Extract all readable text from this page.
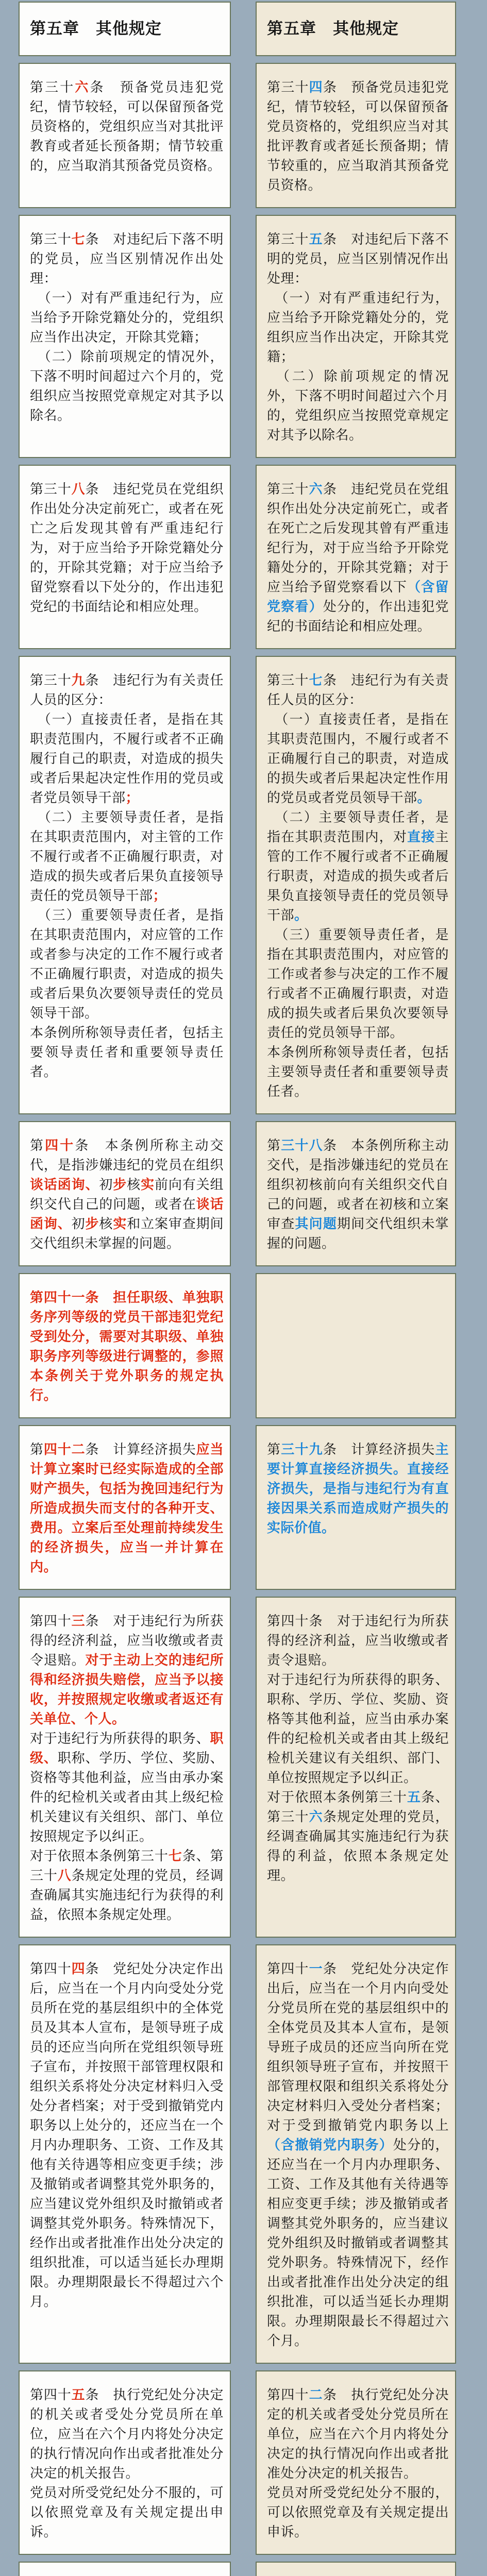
第五章　其他规定	第五章　其他规定

第三十六条　预备党员违犯党纪，情节较轻，可以保留预备党员资格的，党组织应当对其批评教育或者延长预备期；情节较重的，应当取消其预备党员资格。

第三十四条　预备党员违犯党纪，情节较轻，可以保留预备党员资格的，党组织应当对其批评教育或者延长预备期；情节较重的，应当取消其预备党员资格。

第三十七条　对违纪后下落不明的党员，应当区别情况作出处理：

 （一）对有严重违纪行为，应当给予开除党籍处分的，党组织应当作出决定，开除其党籍；

 （二）除前项规定的情况外，下落不明时间超过六个月的，党组织应当按照党章规定对其予以除名。

第三十五条　对违纪后下落不明的党员，应当区别情况作出处理：

 （一）对有严重违纪行为，应当给予开除党籍处分的，党组织应当作出决定，开除其党籍；

 （二）除前项规定的情况外，下落不明时间超过六个月的，党组织应当按照党章规定对其予以除名。

第三十八条　违纪党员在党组织作出处分决定前死亡，或者在死亡之后发现其曾有严重违纪行为，对于应当给予开除党籍处分的，开除其党籍；对于应当给予留党察看以下处分的，作出违犯党纪的书面结论和相应处理。

第三十六条　违纪党员在党组织作出处分决定前死亡，或者在死亡之后发现其曾有严重违纪行为，对于应当给予开除党籍处分的，开除其党籍；对于应当给予留党察看以下（含留党察看）处分的，作出违犯党纪的书面结论和相应处理。

第三十九条　违纪行为有关责任人员的区分：

 （一）直接责任者，是指在其职责范围内，不履行或者不正确履行自己的职责，对造成的损失或者后果起决定性作用的党员或者党员领导干部；

 （二）主要领导责任者，是指在其职责范围内，对主管的工作不履行或者不正确履行职责，对造成的损失或者后果负直接领导责任的党员领导干部；

 （三）重要领导责任者，是指在其职责范围内，对应管的工作或者参与决定的工作不履行或者不正确履行职责，对造成的损失或者后果负次要领导责任的党员领导干部。

本条例所称领导责任者，包括主要领导责任者和重要领导责任者。

第三十七条　违纪行为有关责任人员的区分：

 （一）直接责任者，是指在其职责范围内，不履行或者不正确履行自己的职责，对造成的损失或者后果起决定性作用的党员或者党员领导干部。

 （二）主要领导责任者，是指在其职责范围内，对直接主管的工作不履行或者不正确履行职责，对造成的损失或者后果负直接领导责任的党员领导干部。

 （三）重要领导责任者，是指在其职责范围内，对应管的工作或者参与决定的工作不履行或者不正确履行职责，对造成的损失或者后果负次要领导责任的党员领导干部。

本条例所称领导责任者，包括主要领导责任者和重要领导责任者。

第四十条　本条例所称主动交代，是指涉嫌违纪的党员在组织谈话函询、初步核实前向有关组织交代自己的问题，或者在谈话函询、初步核实和立案审查期间交代组织未掌握的问题。

第三十八条　本条例所称主动交代，是指涉嫌违纪的党员在组织初核前向有关组织交代自己的问题，或者在初核和立案审查其问题期间交代组织未掌握的问题。

第四十一条　担任职级、单独职务序列等级的党员干部违犯党纪受到处分，需要对其职级、单独职务序列等级进行调整的，参照本条例关于党外职务的规定执行。

第四十二条　计算经济损失应当计算立案时已经实际造成的全部财产损失，包括为挽回违纪行为所造成损失而支付的各种开支、费用。立案后至处理前持续发生的经济损失，应当一并计算在内。

第三十九条　计算经济损失主要计算直接经济损失。直接经济损失，是指与违纪行为有直接因果关系而造成财产损失的实际价值。

第四十三条　对于违纪行为所获得的经济利益，应当收缴或者责令退赔。对于主动上交的违纪所得和经济损失赔偿，应当予以接收，并按照规定收缴或者返还有关单位、个人。

对于违纪行为所获得的职务、职级、职称、学历、学位、奖励、资格等其他利益，应当由承办案件的纪检机关或者由其上级纪检机关建议有关组织、部门、单位按照规定予以纠正。

对于依照本条例第三十七条、第三十八条规定处理的党员，经调查确属其实施违纪行为获得的利益，依照本条规定处理。

第四十条　对于违纪行为所获得的经济利益，应当收缴或者责令退赔。

对于违纪行为所获得的职务、职称、学历、学位、奖励、资格等其他利益，应当由承办案件的纪检机关或者由其上级纪检机关建议有关组织、部门、单位按照规定予以纠正。

对于依照本条例第三十五条、第三十六条规定处理的党员，经调查确属其实施违纪行为获得的利益，依照本条规定处理。

第四十四条　党纪处分决定作出后，应当在一个月内向受处分党员所在党的基层组织中的全体党员及其本人宣布，是领导班子成员的还应当向所在党组织领导班子宣布，并按照干部管理权限和组织关系将处分决定材料归入受处分者档案；对于受到撤销党内职务以上处分的，还应当在一个月内办理职务、工资、工作及其他有关待遇等相应变更手续；涉及撤销或者调整其党外职务的，应当建议党外组织及时撤销或者调整其党外职务。特殊情况下，经作出或者批准作出处分决定的组织批准，可以适当延长办理期限。办理期限最长不得超过六个月。

第四十一条　党纪处分决定作出后，应当在一个月内向受处分党员所在党的基层组织中的全体党员及其本人宣布，是领导班子成员的还应当向所在党组织领导班子宣布，并按照干部管理权限和组织关系将处分决定材料归入受处分者档案；对于受到撤销党内职务以上（含撤销党内职务）处分的，还应当在一个月内办理职务、工资、工作及其他有关待遇等相应变更手续；涉及撤销或者调整其党外职务的，应当建议党外组织及时撤销或者调整其党外职务。特殊情况下，经作出或者批准作出处分决定的组织批准，可以适当延长办理期限。办理期限最长不得超过六个月。

第四十五条　执行党纪处分决定的机关或者受处分党员所在单位，应当在六个月内将处分决定的执行情况向作出或者批准处分决定的机关报告。

党员对所受党纪处分不服的，可以依照党章及有关规定提出申诉。

第四十二条　执行党纪处分决定的机关或者受处分党员所在单位，应当在六个月内将处分决定的执行情况向作出或者批准处分决定的机关报告。

党员对所受党纪处分不服的，可以依照党章及有关规定提出申诉。
